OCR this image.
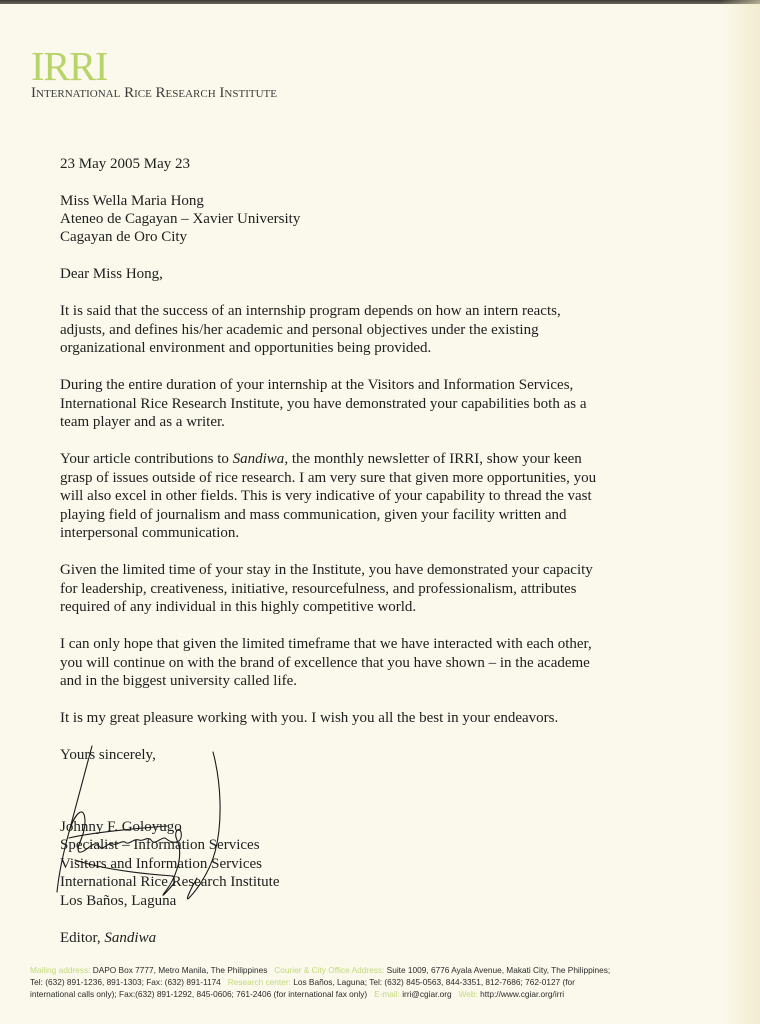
IRRI
International Rice Research Institute
23 May 2005 May 23
Miss Wella Maria Hong
Ateneo de Cagayan – Xavier University
Cagayan de Oro City
Dear Miss Hong,
It is said that the success of an internship program depends on how an intern reacts,
adjusts, and defines his/her academic and personal objectives under the existing
organizational environment and opportunities being provided.
During the entire duration of your internship at the Visitors and Information Services,
International Rice Research Institute, you have demonstrated your capabilities both as a
team player and as a writer.
Your article contributions to Sandiwa, the monthly newsletter of IRRI, show your keen
grasp of issues outside of rice research. I am very sure that given more opportunities, you
will also excel in other fields. This is very indicative of your capability to thread the vast
playing field of journalism and mass communication, given your facility written and
interpersonal communication.
Given the limited time of your stay in the Institute, you have demonstrated your capacity
for leadership, creativeness, initiative, resourcefulness, and professionalism, attributes
required of any individual in this highly competitive world.
I can only hope that given the limited timeframe that we have interacted with each other,
you will continue on with the brand of excellence that you have shown – in the academe
and in the biggest university called life.
It is my great pleasure working with you. I wish you all the best in your endeavors.
Yours sincerely,
Johnny F. Goloyugo
Specialist – Information Services
Visitors and Information Services
International Rice Research Institute
Los Baños, Laguna
Editor, Sandiwa
Mailing address: DAPO Box 7777, Metro Manila, The Philippines Courier & City Office Address: Suite 1009, 6776 Ayala Avenue, Makati City, The Philippines;
Tel: (632) 891-1236, 891-1303; Fax: (632) 891-1174 Research center: Los Baños, Laguna; Tel: (632) 845-0563, 844-3351, 812-7686; 762-0127 (for
international calls only); Fax:(632) 891-1292, 845-0606; 761-2406 (for international fax only) E-mail: irri@cgiar.org Web: http://www.cgiar.org/irri
